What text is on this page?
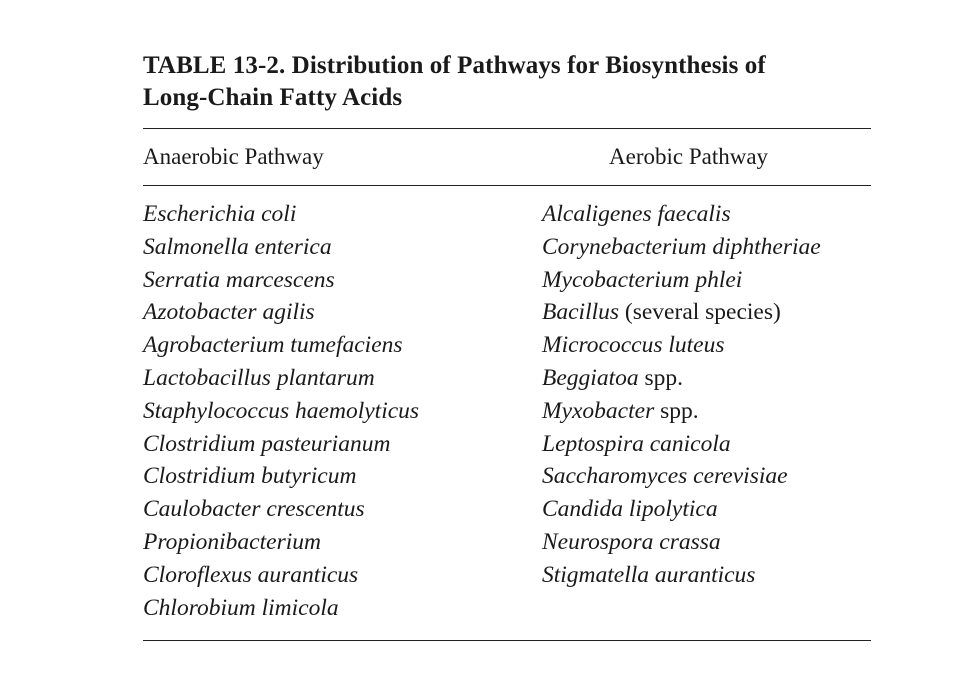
TABLE 13-2. Distribution of Pathways for Biosynthesis of
Long-Chain Fatty Acids

Anaerobic Pathway	Aerobic Pathway
Escherichia coli
Salmonella enterica
Serratia marcescens
Azotobacter agilis
Agrobacterium tumefaciens
Lactobacillus plantarum
Staphylococcus haemolyticus
Clostridium pasteurianum
Clostridium butyricum
Caulobacter crescentus
Propionibacterium
Cloroflexus auranticus
Chlorobium limicola
Alcaligenes faecalis
Corynebacterium diphtheriae
Mycobacterium phlei
Bacillus (several species)
Micrococcus luteus
Beggiatoa spp.
Myxobacter spp.
Leptospira canicola
Saccharomyces cerevisiae
Candida lipolytica
Neurospora crassa
Stigmatella auranticus
